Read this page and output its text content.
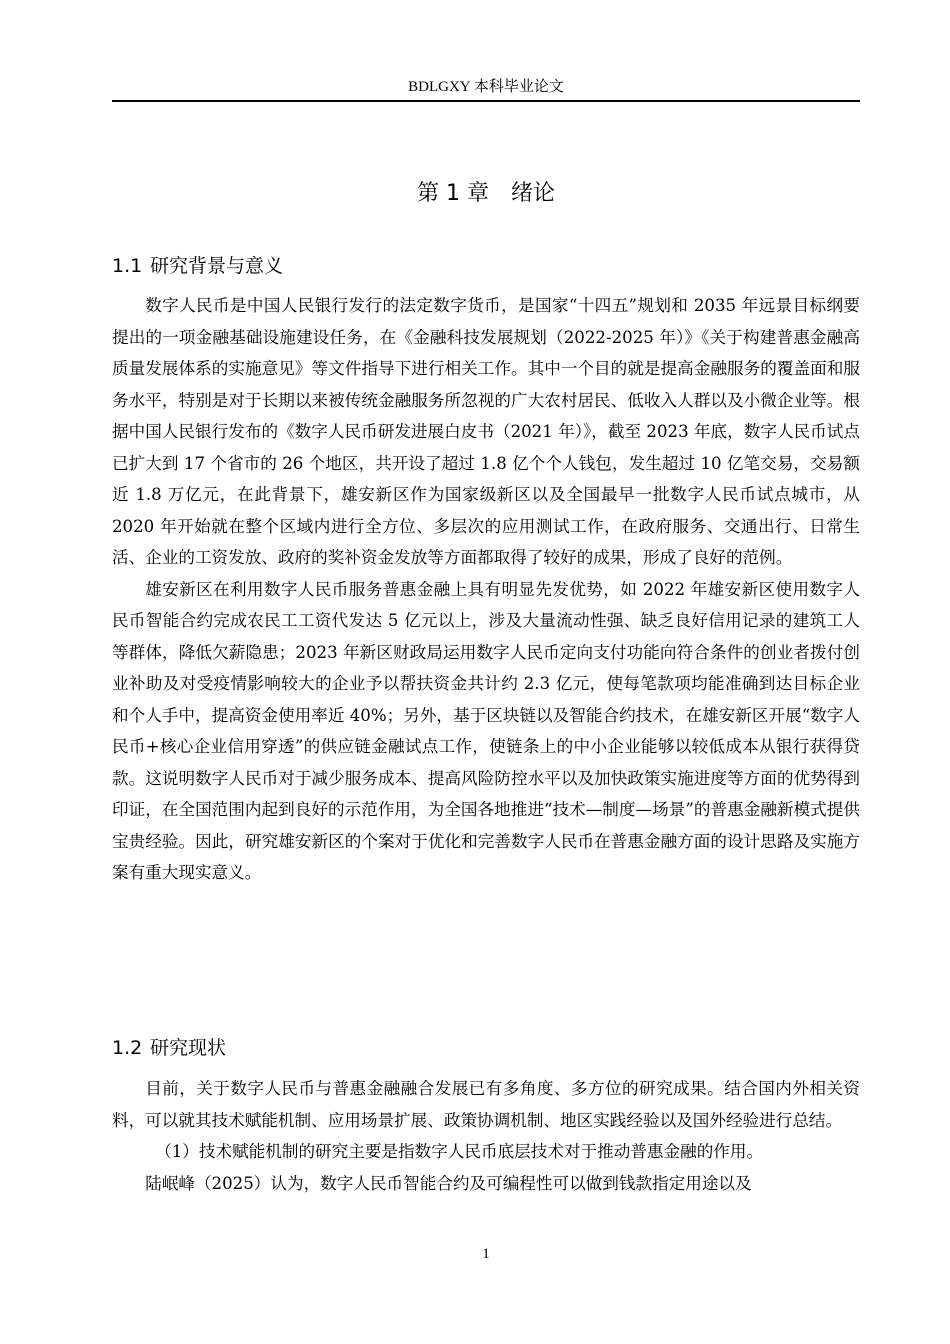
BDLGXY 本科毕业论文
第 1 章　绪论
1.1 研究背景与意义

数字人民币是中国人民银行发行的法定数字货币，是国家“十四五”规划和 2035 年远景目标纲要提出的一项金融基础设施建设任务，在《金融科技发展规划（2022-2025 年）》《关于构建普惠金融高质量发展体系的实施意见》等文件指导下进行相关工作。其中一个目的就是提高金融服务的覆盖面和服务水平，特别是对于长期以来被传统金融服务所忽视的广大农村居民、低收入人群以及小微企业等。根据中国人民银行发布的《数字人民币研发进展白皮书（2021 年）》，截至 2023 年底，数字人民币试点已扩大到 17 个省市的 26 个地区，共开设了超过 1.8 亿个个人钱包，发生超过 10 亿笔交易，交易额近 1.8 万亿元，在此背景下，雄安新区作为国家级新区以及全国最早一批数字人民币试点城市，从 2020 年开始就在整个区域内进行全方位、多层次的应用测试工作，在政府服务、交通出行、日常生活、企业的工资发放、政府的奖补资金发放等方面都取得了较好的成果，形成了良好的范例。

雄安新区在利用数字人民币服务普惠金融上具有明显先发优势，如 2022 年雄安新区使用数字人民币智能合约完成农民工工资代发达 5 亿元以上，涉及大量流动性强、缺乏良好信用记录的建筑工人等群体，降低欠薪隐患；2023 年新区财政局运用数字人民币定向支付功能向符合条件的创业者拨付创业补助及对受疫情影响较大的企业予以帮扶资金共计约 2.3 亿元，使每笔款项均能准确到达目标企业和个人手中，提高资金使用率近 40%；另外，基于区块链以及智能合约技术，在雄安新区开展“数字人民币+核心企业信用穿透”的供应链金融试点工作，使链条上的中小企业能够以较低成本从银行获得贷款。这说明数字人民币对于减少服务成本、提高风险防控水平以及加快政策实施进度等方面的优势得到印证，在全国范围内起到良好的示范作用，为全国各地推进“技术—制度—场景”的普惠金融新模式提供宝贵经验。因此，研究雄安新区的个案对于优化和完善数字人民币在普惠金融方面的设计思路及实施方案有重大现实意义。

1.2 研究现状

目前，关于数字人民币与普惠金融融合发展已有多角度、多方位的研究成果。结合国内外相关资料，可以就其技术赋能机制、应用场景扩展、政策协调机制、地区实践经验以及国外经验进行总结。

（1）技术赋能机制的研究主要是指数字人民币底层技术对于推动普惠金融的作用。

陆岷峰（2025）认为，数字人民币智能合约及可编程性可以做到钱款指定用途以及

1
